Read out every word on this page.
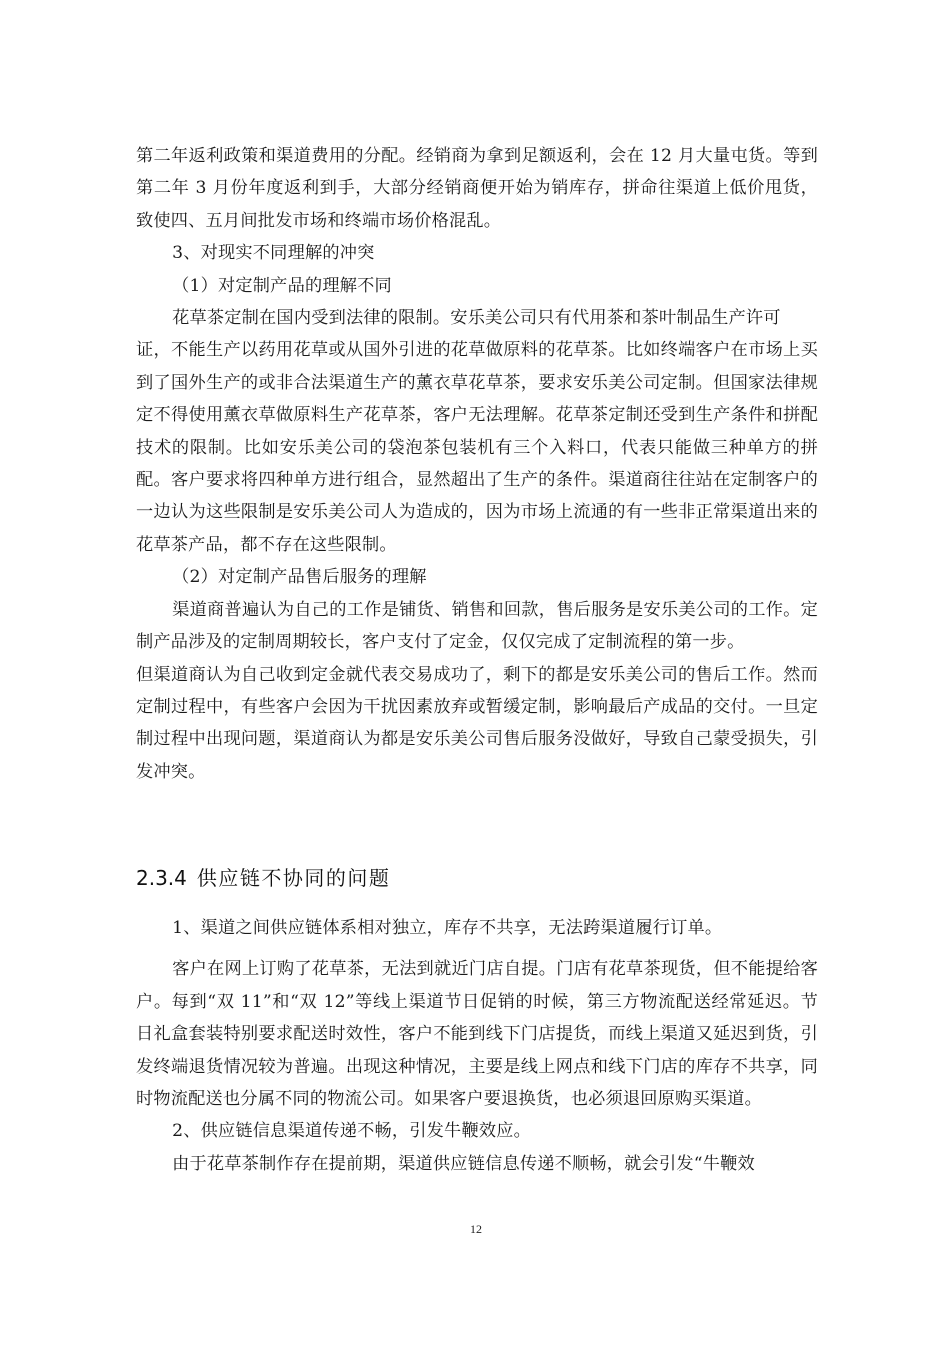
第二年返利政策和渠道费用的分配。经销商为拿到足额返利，会在 12 月大量屯货。等到第二年 3 月份年度返利到手，大部分经销商便开始为销库存，拼命往渠道上低价甩货，致使四、五月间批发市场和终端市场价格混乱。

3、对现实不同理解的冲突

（1）对定制产品的理解不同

花草茶定制在国内受到法律的限制。安乐美公司只有代用茶和茶叶制品生产许可

证，不能生产以药用花草或从国外引进的花草做原料的花草茶。比如终端客户在市场上买到了国外生产的或非合法渠道生产的薰衣草花草茶，要求安乐美公司定制。但国家法律规定不得使用薰衣草做原料生产花草茶，客户无法理解。花草茶定制还受到生产条件和拼配技术的限制。比如安乐美公司的袋泡茶包装机有三个入料口，代表只能做三种单方的拼配。客户要求将四种单方进行组合，显然超出了生产的条件。渠道商往往站在定制客户的一边认为这些限制是安乐美公司人为造成的，因为市场上流通的有一些非正常渠道出来的花草茶产品，都不存在这些限制。

（2）对定制产品售后服务的理解

渠道商普遍认为自己的工作是铺货、销售和回款，售后服务是安乐美公司的工作。定制产品涉及的定制周期较长，客户支付了定金，仅仅完成了定制流程的第一步。

但渠道商认为自己收到定金就代表交易成功了，剩下的都是安乐美公司的售后工作。然而定制过程中，有些客户会因为干扰因素放弃或暂缓定制，影响最后产成品的交付。一旦定制过程中出现问题，渠道商认为都是安乐美公司售后服务没做好，导致自己蒙受损失，引发冲突。

2.3.4 供应链不协同的问题

1、渠道之间供应链体系相对独立，库存不共享，无法跨渠道履行订单。

客户在网上订购了花草茶，无法到就近门店自提。门店有花草茶现货，但不能提给客户。每到“双 11”和“双 12”等线上渠道节日促销的时候，第三方物流配送经常延迟。节日礼盒套装特别要求配送时效性，客户不能到线下门店提货，而线上渠道又延迟到货，引发终端退货情况较为普遍。出现这种情况，主要是线上网点和线下门店的库存不共享，同时物流配送也分属不同的物流公司。如果客户要退换货，也必须退回原购买渠道。

2、供应链信息渠道传递不畅，引发牛鞭效应。

由于花草茶制作存在提前期，渠道供应链信息传递不顺畅，就会引发“牛鞭效

12
